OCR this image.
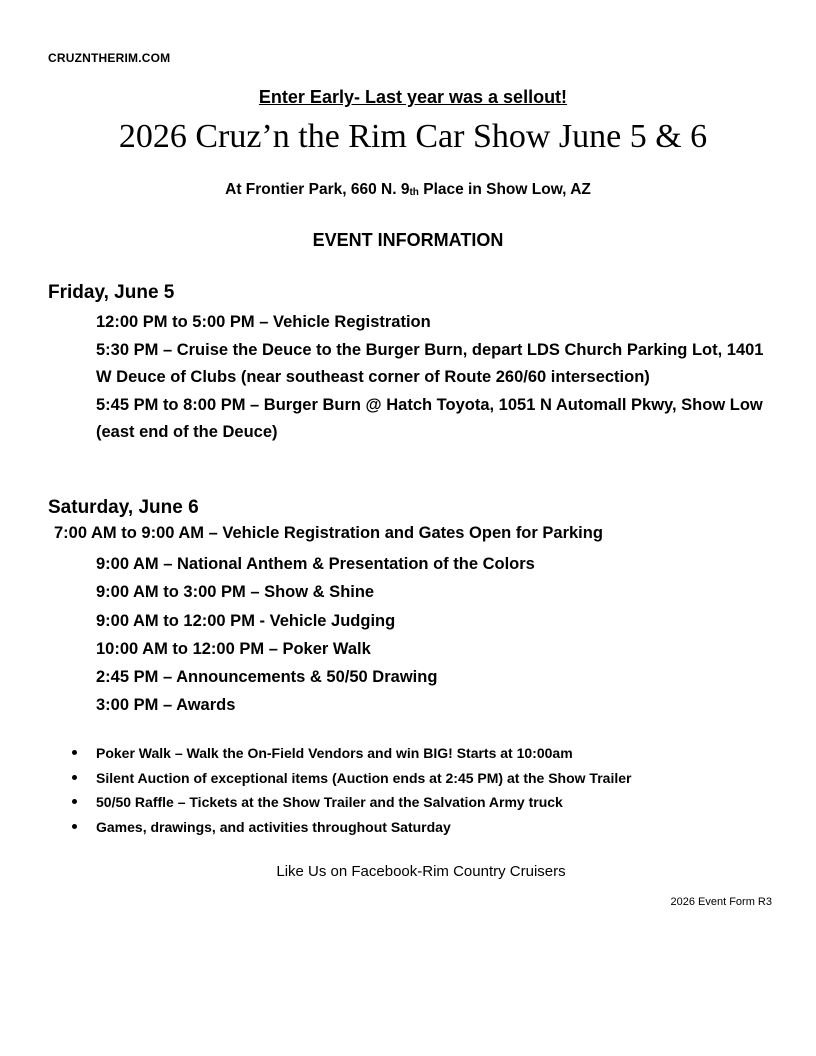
CRUZNTHERIM.COM
Enter Early- Last year was a sellout!
2026 Cruz’n the Rim Car Show June 5 & 6
At Frontier Park, 660 N. $9_{th}$ Place in Show Low, AZ
EVENT INFORMATION
Friday, June 5

12:00 PM to 5:00 PM – Vehicle Registration

5:30 PM – Cruise the Deuce to the Burger Burn, depart LDS Church Parking Lot, 1401 W Deuce of Clubs (near southeast corner of Route 260/60 intersection)

5:45 PM to 8:00 PM – Burger Burn @ Hatch Toyota, 1051 N Automall Pkwy, Show Low (east end of the Deuce)

Saturday, June 6
7:00 AM to 9:00 AM – Vehicle Registration and Gates Open for Parking

9:00 AM – National Anthem & Presentation of the Colors

9:00 AM to 3:00 PM – Show & Shine

9:00 AM to 12:00 PM - Vehicle Judging

10:00 AM to 12:00 PM – Poker Walk

2:45 PM – Announcements & 50/50 Drawing

3:00 PM – Awards

Poker Walk – Walk the On-Field Vendors and win BIG! Starts at 10:00am
Silent Auction of exceptional items (Auction ends at 2:45 PM) at the Show Trailer
50/50 Raffle – Tickets at the Show Trailer and the Salvation Army truck
Games, drawings, and activities throughout Saturday
Like Us on Facebook-Rim Country Cruisers
2026 Event Form R3
